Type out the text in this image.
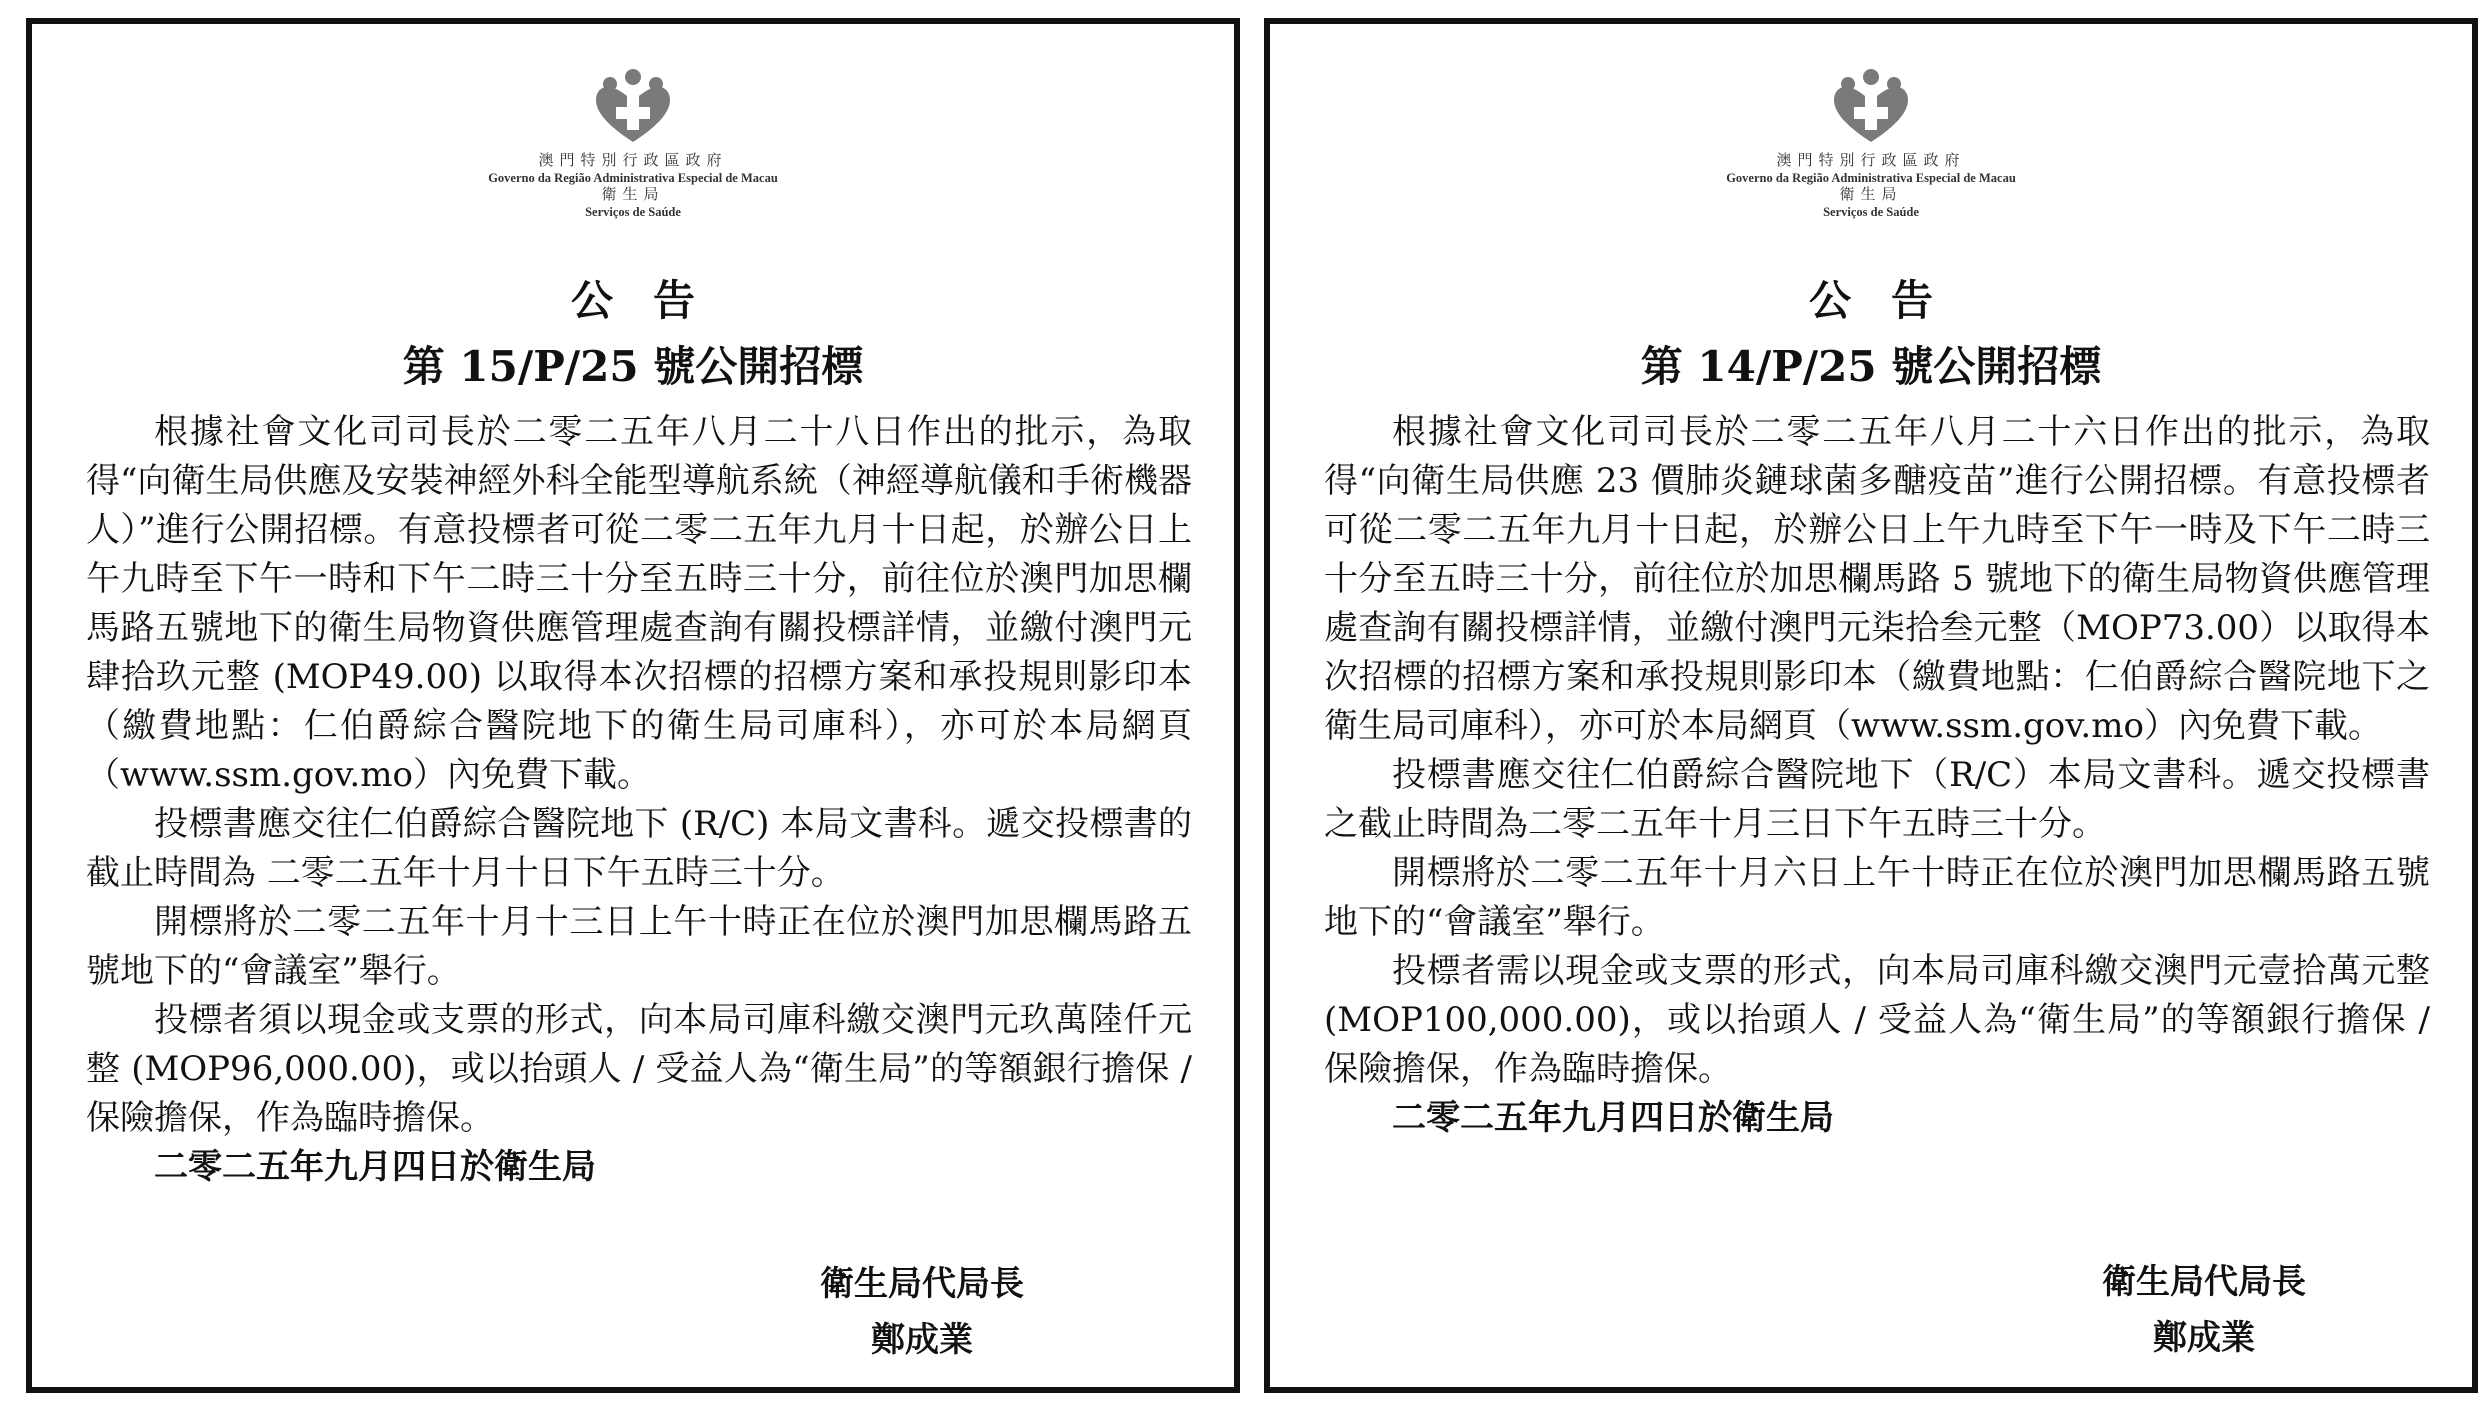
澳門特別行政區政府
Governo da Região Administrativa Especial de Macau
衛生局
Serviços de Saúde
公告
第 15/P/25 號公開招標

根據社會文化司司長於二零二五年八月二十八日作出的批示，為取得“向衛生局供應及安裝神經外科全能型導航系統（神經導航儀和手術機器人）”進行公開招標。有意投標者可從二零二五年九月十日起，於辦公日上午九時至下午一時和下午二時三十分至五時三十分，前往位於澳門加思欄馬路五號地下的衛生局物資供應管理處查詢有關投標詳情，並繳付澳門元肆拾玖元整 (MOP49.00) 以取得本次招標的招標方案和承投規則影印本（繳費地點：仁伯爵綜合醫院地下的衛生局司庫科），亦可於本局網頁（www.ssm.gov.mo）內免費下載。

投標書應交往仁伯爵綜合醫院地下 (R/C) 本局文書科。遞交投標書的截止時間為 二零二五年十月十日下午五時三十分。

開標將於二零二五年十月十三日上午十時正在位於澳門加思欄馬路五號地下的“會議室”舉行。

投標者須以現金或支票的形式，向本局司庫科繳交澳門元玖萬陸仟元整 (MOP96,000.00)，或以抬頭人 / 受益人為“衛生局”的等額銀行擔保 / 保險擔保，作為臨時擔保。

二零二五年九月四日於衛生局

衛生局代局長
鄭成業
澳門特別行政區政府
Governo da Região Administrativa Especial de Macau
衛生局
Serviços de Saúde
公告
第 14/P/25 號公開招標

根據社會文化司司長於二零二五年八月二十六日作出的批示，為取得“向衛生局供應 23 價肺炎鏈球菌多醣疫苗”進行公開招標。有意投標者可從二零二五年九月十日起，於辦公日上午九時至下午一時及下午二時三十分至五時三十分，前往位於加思欄馬路 5 號地下的衛生局物資供應管理處查詢有關投標詳情，並繳付澳門元柒拾叁元整（MOP73.00）以取得本次招標的招標方案和承投規則影印本（繳費地點：仁伯爵綜合醫院地下之衛生局司庫科），亦可於本局網頁（www.ssm.gov.mo）內免費下載。

投標書應交往仁伯爵綜合醫院地下（R/C）本局文書科。遞交投標書之截止時間為二零二五年十月三日下午五時三十分。

開標將於二零二五年十月六日上午十時正在位於澳門加思欄馬路五號地下的“會議室”舉行。

投標者需以現金或支票的形式，向本局司庫科繳交澳門元壹拾萬元整 (MOP100,000.00)，或以抬頭人 / 受益人為“衛生局”的等額銀行擔保 / 保險擔保，作為臨時擔保。

二零二五年九月四日於衛生局

衛生局代局長
鄭成業
